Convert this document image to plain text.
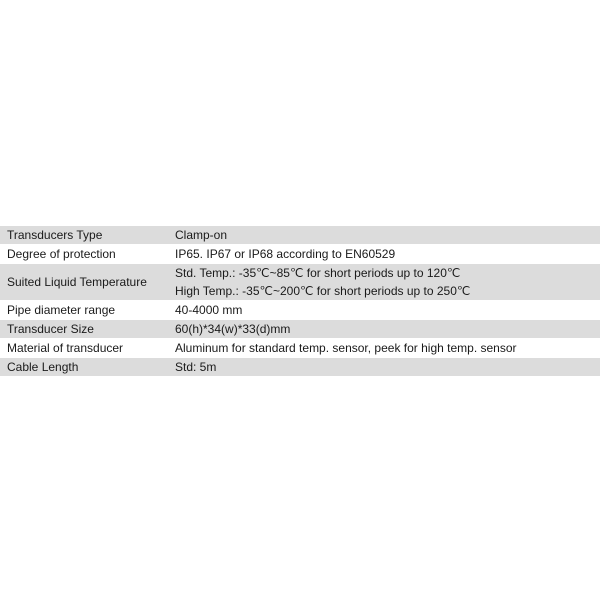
Transducers Type	Clamp-on
Degree of protection	IP65. IP67 or IP68 according to EN60529
Suited Liquid Temperature	Std. Temp.: -35℃~85℃ for short periods up to 120℃
High Temp.: -35℃~200℃ for short periods up to 250℃

Pipe diameter range	40-4000 mm
Transducer Size	60(h)*34(w)*33(d)mm
Material of transducer	Aluminum for standard temp. sensor, peek for high temp. sensor
Cable Length	Std: 5m
